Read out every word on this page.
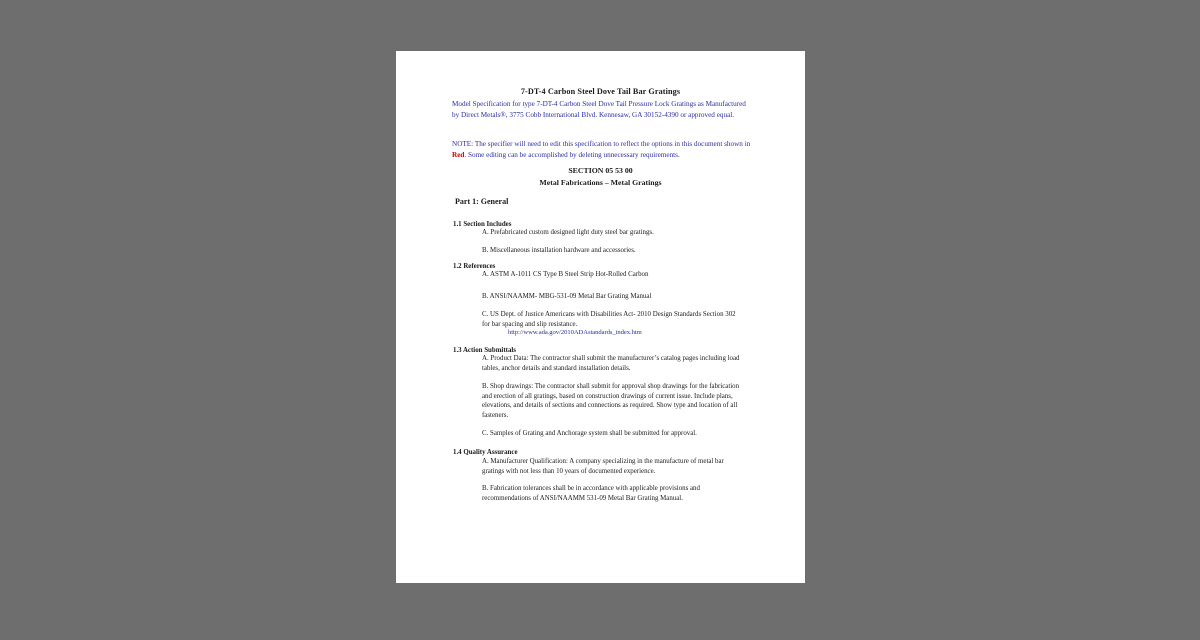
7-DT-4 Carbon Steel Dove Tail Bar Gratings
Model Specification for type 7-DT-4 Carbon Steel Dove Tail Pressure Lock Gratings as Manufactured by Direct Metals®, 3775 Cobb International Blvd. Kennesaw, GA 30152-4390 or approved equal.
NOTE: The specifier will need to edit this specification to reflect the options in this document shown in Red. Some editing can be accomplished by deleting unnecessary requirements.
SECTION 05 53 00
Metal Fabrications – Metal Gratings
Part 1: General
1.1 Section Includes
A. Prefabricated custom designed light duty steel bar gratings.
B. Miscellaneous installation hardware and accessories.
1.2 References
A. ASTM A-1011 CS Type B Steel Strip Hot-Rolled Carbon
B. ANSI/NAAMM- MBG-531-09 Metal Bar Grating Manual
C. US Dept. of Justice Americans with Disabilities Act- 2010 Design Standards Section 302 for bar spacing and slip resistance.
http://www.ada.gov/2010ADAstandards_index.htm
1.3 Action Submittals
A. Product Data: The contractor shall submit the manufacturer’s catalog pages including load tables, anchor details and standard installation details.
B. Shop drawings: The contractor shall submit for approval shop drawings for the fabrication and erection of all gratings, based on construction drawings of current issue. Include plans, elevations, and details of sections and connections as required. Show type and location of all fasteners.
C. Samples of Grating and Anchorage system shall be submitted for approval.
1.4 Quality Assurance
A. Manufacturer Qualification: A company specializing in the manufacture of metal bar gratings with not less than 10 years of documented experience.
B. Fabrication tolerances shall be in accordance with applicable provisions and recommendations of ANSI/NAAMM 531-09 Metal Bar Grating Manual.
